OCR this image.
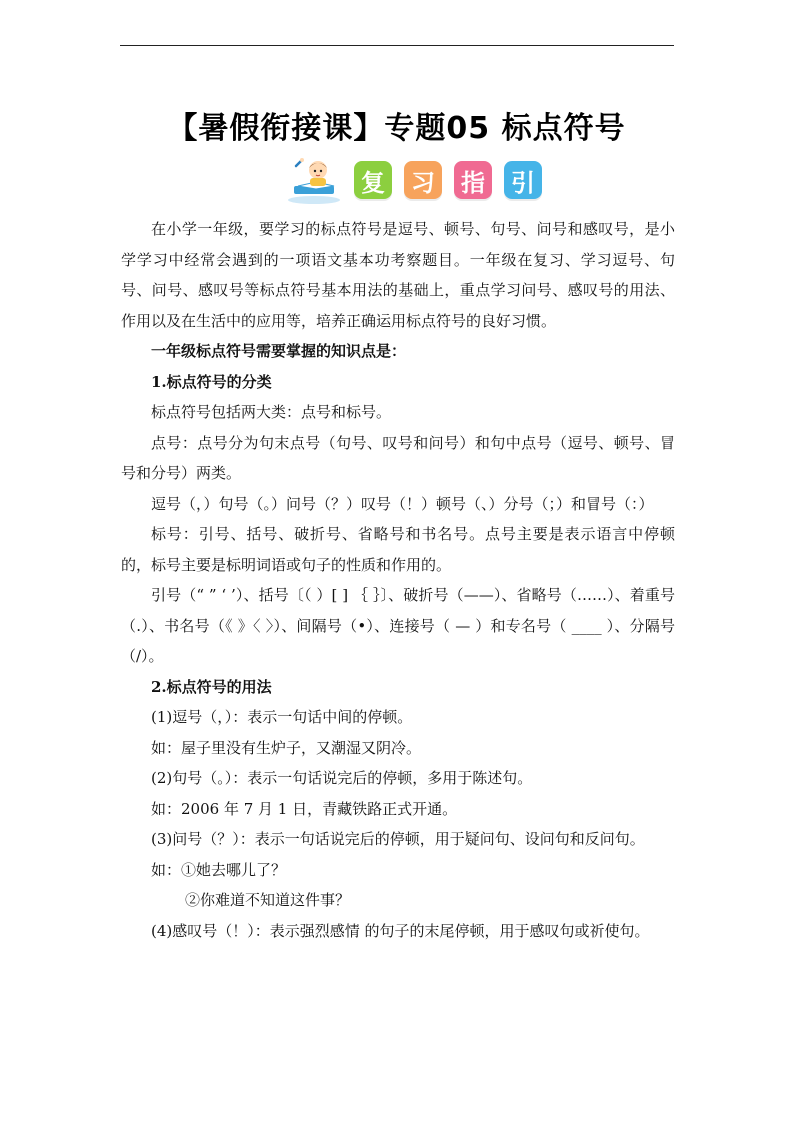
【暑假衔接课】专题05 标点符号
复 习 指 引

在小学一年级，要学习的标点符号是逗号、顿号、句号、问号和感叹号，是小学学习中经常会遇到的一项语文基本功考察题目。一年级在复习、学习逗号、句号、问号、感叹号等标点符号基本用法的基础上，重点学习问号、感叹号的用法、作用以及在生活中的应用等，培养正确运用标点符号的良好习惯。

一年级标点符号需要掌握的知识点是：

1.标点符号的分类

标点符号包括两大类：点号和标号。

点号：点号分为句末点号（句号、叹号和问号）和句中点号（逗号、顿号、冒号和分号）两类。

逗号（，）句号（。）问号（？）叹号（！）顿号（、）分号（；）和冒号（：）

标号：引号、括号、破折号、省略号和书名号。点号主要是表示语言中停顿的，标号主要是标明词语或句子的性质和作用的。

引号（“ ” ‘ ’）、括号〔（ ）[ ] ｛ ｝〕、破折号（——）、省略号（……）、着重号（.）、书名号（《 》〈 〉）、间隔号（•）、连接号（ — ）和专名号（ ____ ）、分隔号（/）。

2.标点符号的用法

(1)逗号（，）：表示一句话中间的停顿。

如：屋子里没有生炉子，又潮湿又阴冷。

(2)句号（。）：表示一句话说完后的停顿，多用于陈述句。

如：2006 年 7 月 1 日，青藏铁路正式开通。

(3)问号（？）：表示一句话说完后的停顿，用于疑问句、设问句和反问句。

如：①她去哪儿了？

②你难道不知道这件事？

(4)感叹号（！）：表示强烈感情 的句子的末尾停顿，用于感叹句或祈使句。
